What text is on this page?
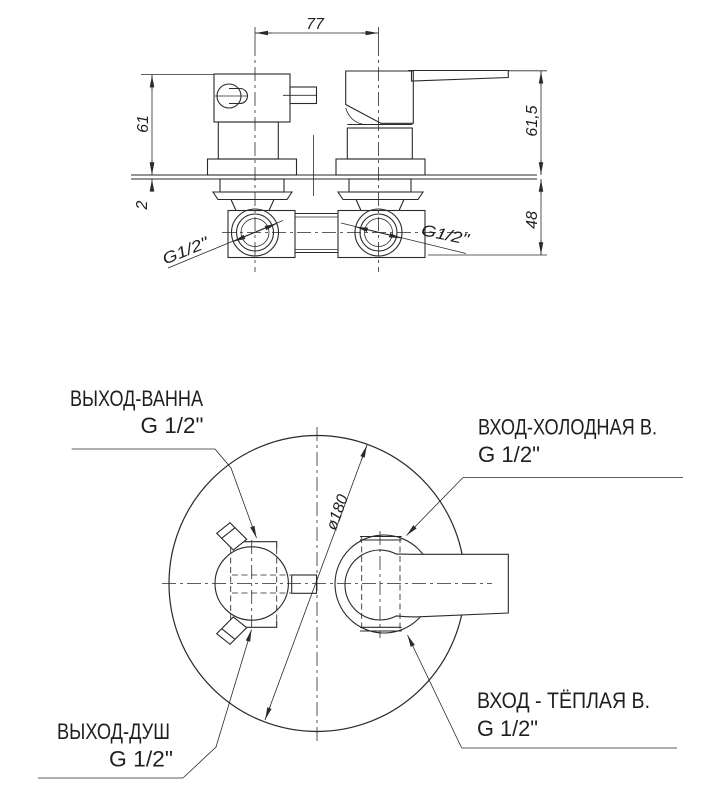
77
61
2
61,5
48
G1/2"
G1/2"
ø180
ВЫХОД-ВАННА
G 1/2"	ВХОД-ХОЛОДНАЯ В.
G 1/2"
ВЫХОД-ДУШ
G 1/2"
ВХОД - ТЁПЛАЯ В.
G 1/2"
